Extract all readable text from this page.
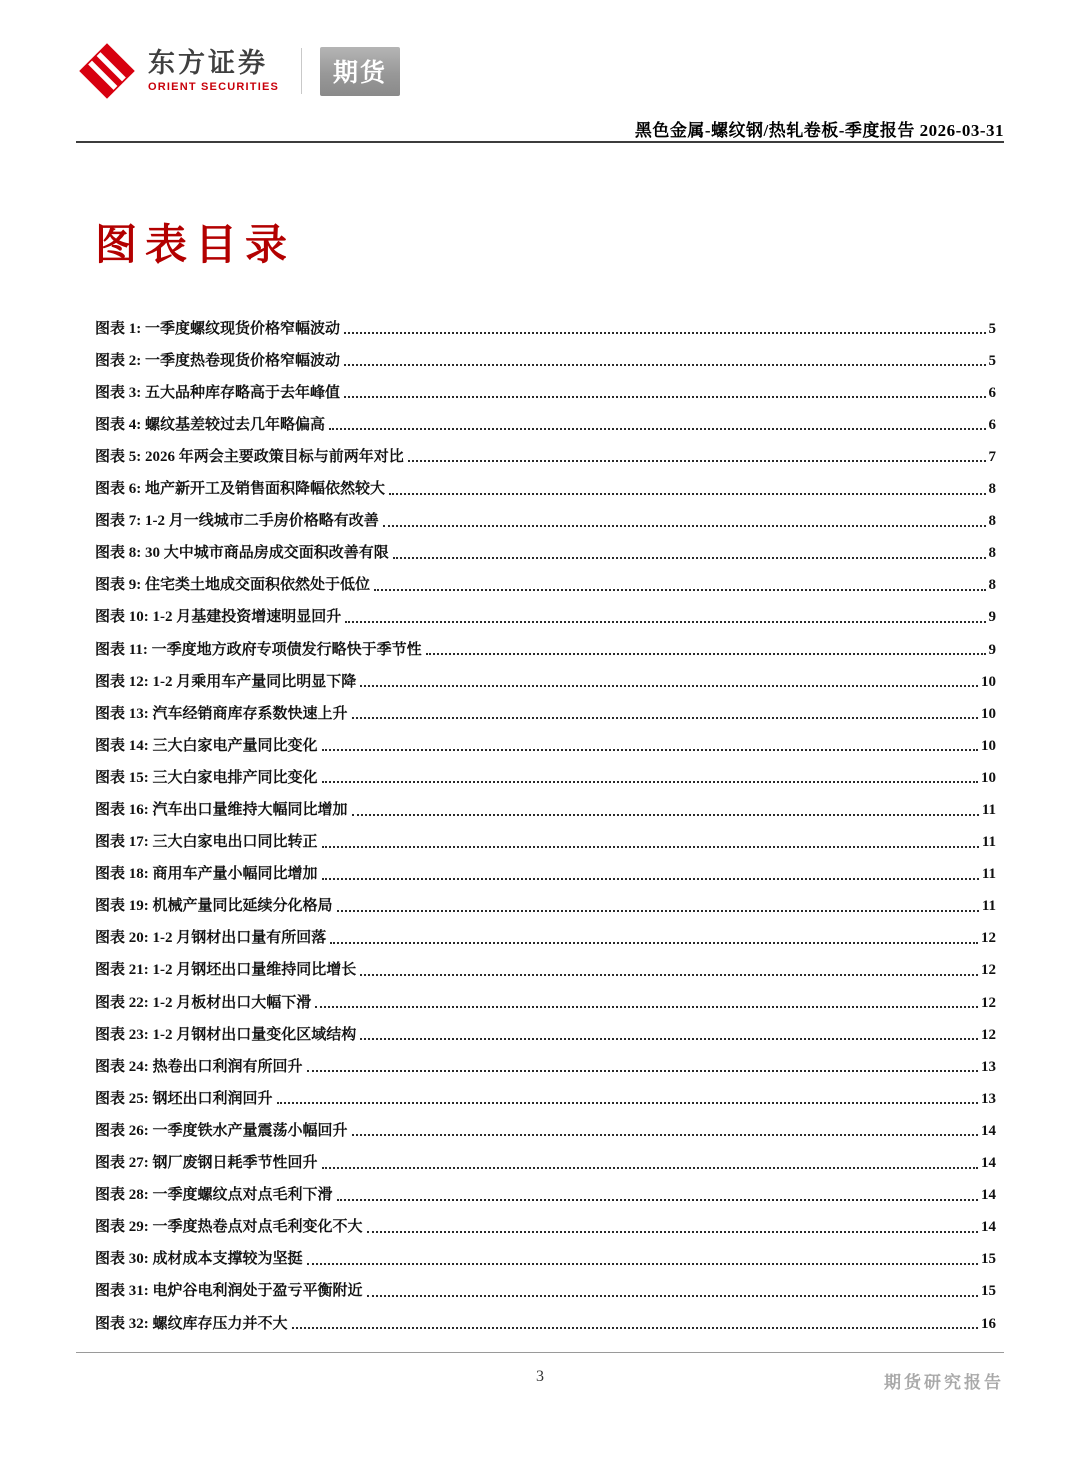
东方证券
ORIENT SECURITIES
期货
黑色金属-螺纹钢/热轧卷板-季度报告 2026-03-31
图表目录
图表 1: 一季度螺纹现货价格窄幅波动	5
图表 2: 一季度热卷现货价格窄幅波动	5
图表 3: 五大品种库存略高于去年峰值	6
图表 4: 螺纹基差较过去几年略偏高	6
图表 5: 2026 年两会主要政策目标与前两年对比	7
图表 6: 地产新开工及销售面积降幅依然较大	8
图表 7: 1-2 月一线城市二手房价格略有改善	8
图表 8: 30 大中城市商品房成交面积改善有限	8
图表 9: 住宅类土地成交面积依然处于低位	8
图表 10: 1-2 月基建投资增速明显回升	9
图表 11: 一季度地方政府专项债发行略快于季节性	9
图表 12: 1-2 月乘用车产量同比明显下降	10
图表 13: 汽车经销商库存系数快速上升	10
图表 14: 三大白家电产量同比变化	10
图表 15: 三大白家电排产同比变化	10
图表 16: 汽车出口量维持大幅同比增加	11
图表 17: 三大白家电出口同比转正	11
图表 18: 商用车产量小幅同比增加	11
图表 19: 机械产量同比延续分化格局	11
图表 20: 1-2 月钢材出口量有所回落	12
图表 21: 1-2 月钢坯出口量维持同比增长	12
图表 22: 1-2 月板材出口大幅下滑	12
图表 23: 1-2 月钢材出口量变化区域结构	12
图表 24: 热卷出口利润有所回升	13
图表 25: 钢坯出口利润回升	13
图表 26: 一季度铁水产量震荡小幅回升	14
图表 27: 钢厂废钢日耗季节性回升	14
图表 28: 一季度螺纹点对点毛利下滑	14
图表 29: 一季度热卷点对点毛利变化不大	14
图表 30: 成材成本支撑较为坚挺	15
图表 31: 电炉谷电利润处于盈亏平衡附近	15
图表 32: 螺纹库存压力并不大	16
3	期货研究报告
